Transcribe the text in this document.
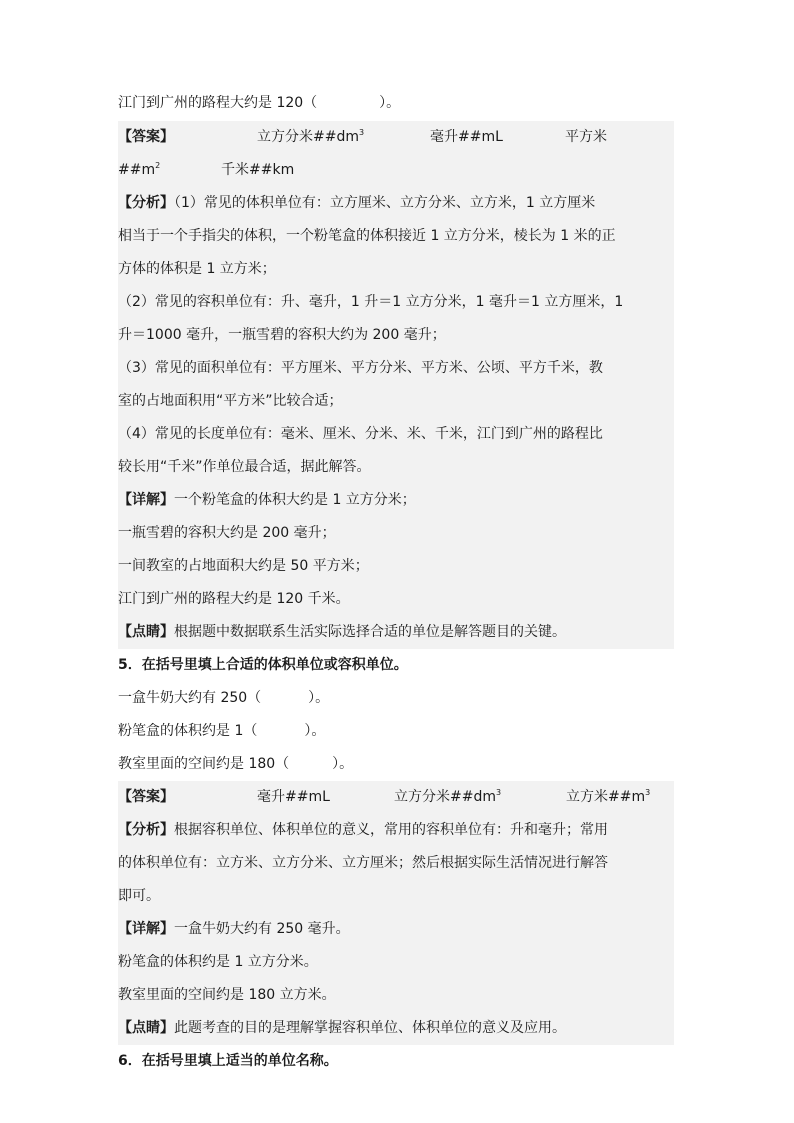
江门到广州的路程大约是 120（	）。
【答案】	立方分米$\#\#dm^3$	毫升##mL	平方米
$\#\#m^2$	千米##km
【分析】（1）常见的体积单位有：立方厘米、立方分米、立方米，1 立方厘米
相当于一个手指尖的体积，一个粉笔盒的体积接近 1 立方分米，棱长为 1 米的正
方体的体积是 1 立方米；
（2）常见的容积单位有：升、毫升，1 升＝1 立方分米，1 毫升＝1 立方厘米，1
升＝1000 毫升，一瓶雪碧的容积大约为 200 毫升；
（3）常见的面积单位有：平方厘米、平方分米、平方米、公顷、平方千米，教
室的占地面积用“平方米”比较合适；
（4）常见的长度单位有：毫米、厘米、分米、米、千米，江门到广州的路程比
较长用“千米”作单位最合适，据此解答。
【详解】一个粉笔盒的体积大约是 1 立方分米；
一瓶雪碧的容积大约是 200 毫升；
一间教室的占地面积大约是 50 平方米；
江门到广州的路程大约是 120 千米。
【点睛】根据题中数据联系生活实际选择合适的单位是解答题目的关键。
5．在括号里填上合适的体积单位或容积单位。
一盒牛奶大约有 250（	）。
粉笔盒的体积约是 1（	）。
教室里面的空间约是 180（	）。
【答案】	毫升##mL	立方分米$\#\#dm^3$	立方米$\#\#m^3$
【分析】根据容积单位、体积单位的意义，常用的容积单位有：升和毫升；常用
的体积单位有：立方米、立方分米、立方厘米；然后根据实际生活情况进行解答
即可。
【详解】一盒牛奶大约有 250 毫升。
粉笔盒的体积约是 1 立方分米。
教室里面的空间约是 180 立方米。
【点睛】此题考查的目的是理解掌握容积单位、体积单位的意义及应用。
6．在括号里填上适当的单位名称。
